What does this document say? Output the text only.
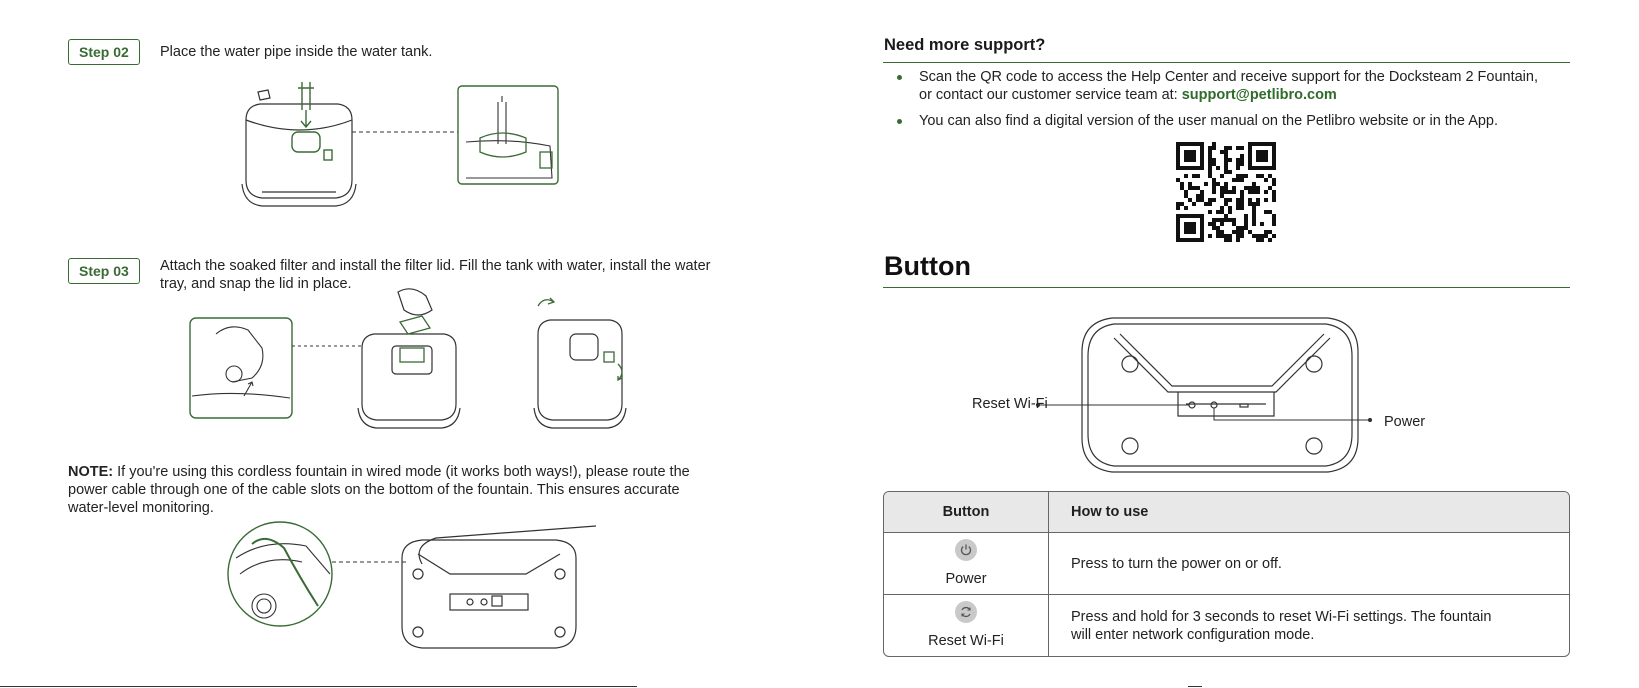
Step 02	Place the water pipe inside the water tank.
Step 03	Attach the soaked filter and install the filter lid. Fill the tank with water, install the water
tray, and snap the lid in place.
NOTE: If you're using this cordless fountain in wired mode (it works both ways!), please route the
power cable through one of the cable slots on the bottom of the fountain. This ensures accurate
water-level monitoring.
Need more support?
Scan the QR code to access the Help Center and receive support for the Docksteam 2 Fountain,
or contact our customer service team at: support@petlibro.com
You can also find a digital version of the user manual on the Petlibro website or in the App.
Button
Reset Wi-Fi
Power
Button	How to use

Power	Press to turn the power on or off.

Reset Wi-Fi	Press and hold for 3 seconds to reset Wi-Fi settings. The fountain
will enter network configuration mode.
